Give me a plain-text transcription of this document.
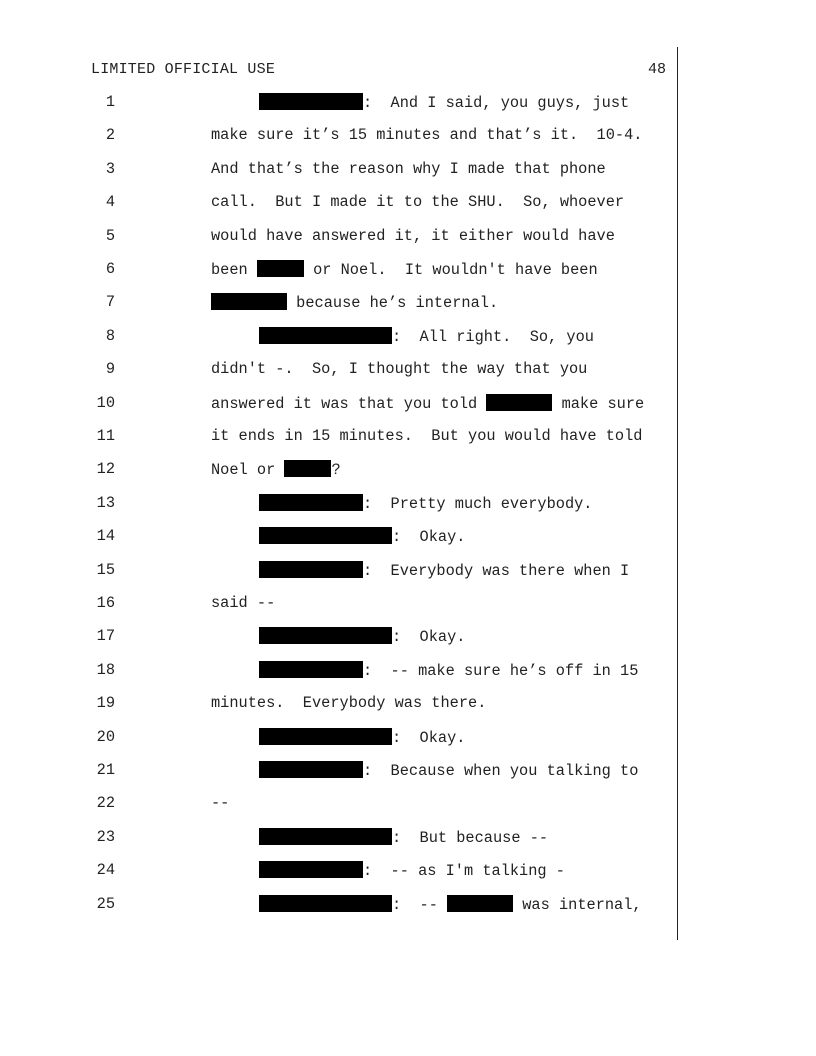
LIMITED OFFICIAL USE	48
1	:  And I said, you guys, just
2	make sure it’s 15 minutes and that’s it.  10-4.
3	And that’s the reason why I made that phone
4	call.  But I made it to the SHU.  So, whoever
5	would have answered it, it either would have
6	been	or Noel.  It wouldn't have been
7	because he’s internal.
8	:  All right.  So, you
9	didn't -.  So, I thought the way that you
10	answered it was that you told	make sure
11	it ends in 15 minutes.  But you would have told
12	Noel or	?
13	:  Pretty much everybody.
14	:  Okay.
15	:  Everybody was there when I
16	said --
17	:  Okay.
18	:  -- make sure he’s off in 15
19	minutes.  Everybody was there.
20	:  Okay.
21	:  Because when you talking to
22	--
23	:  But because --
24	:  -- as I'm talking -
25	:  --	was internal,
